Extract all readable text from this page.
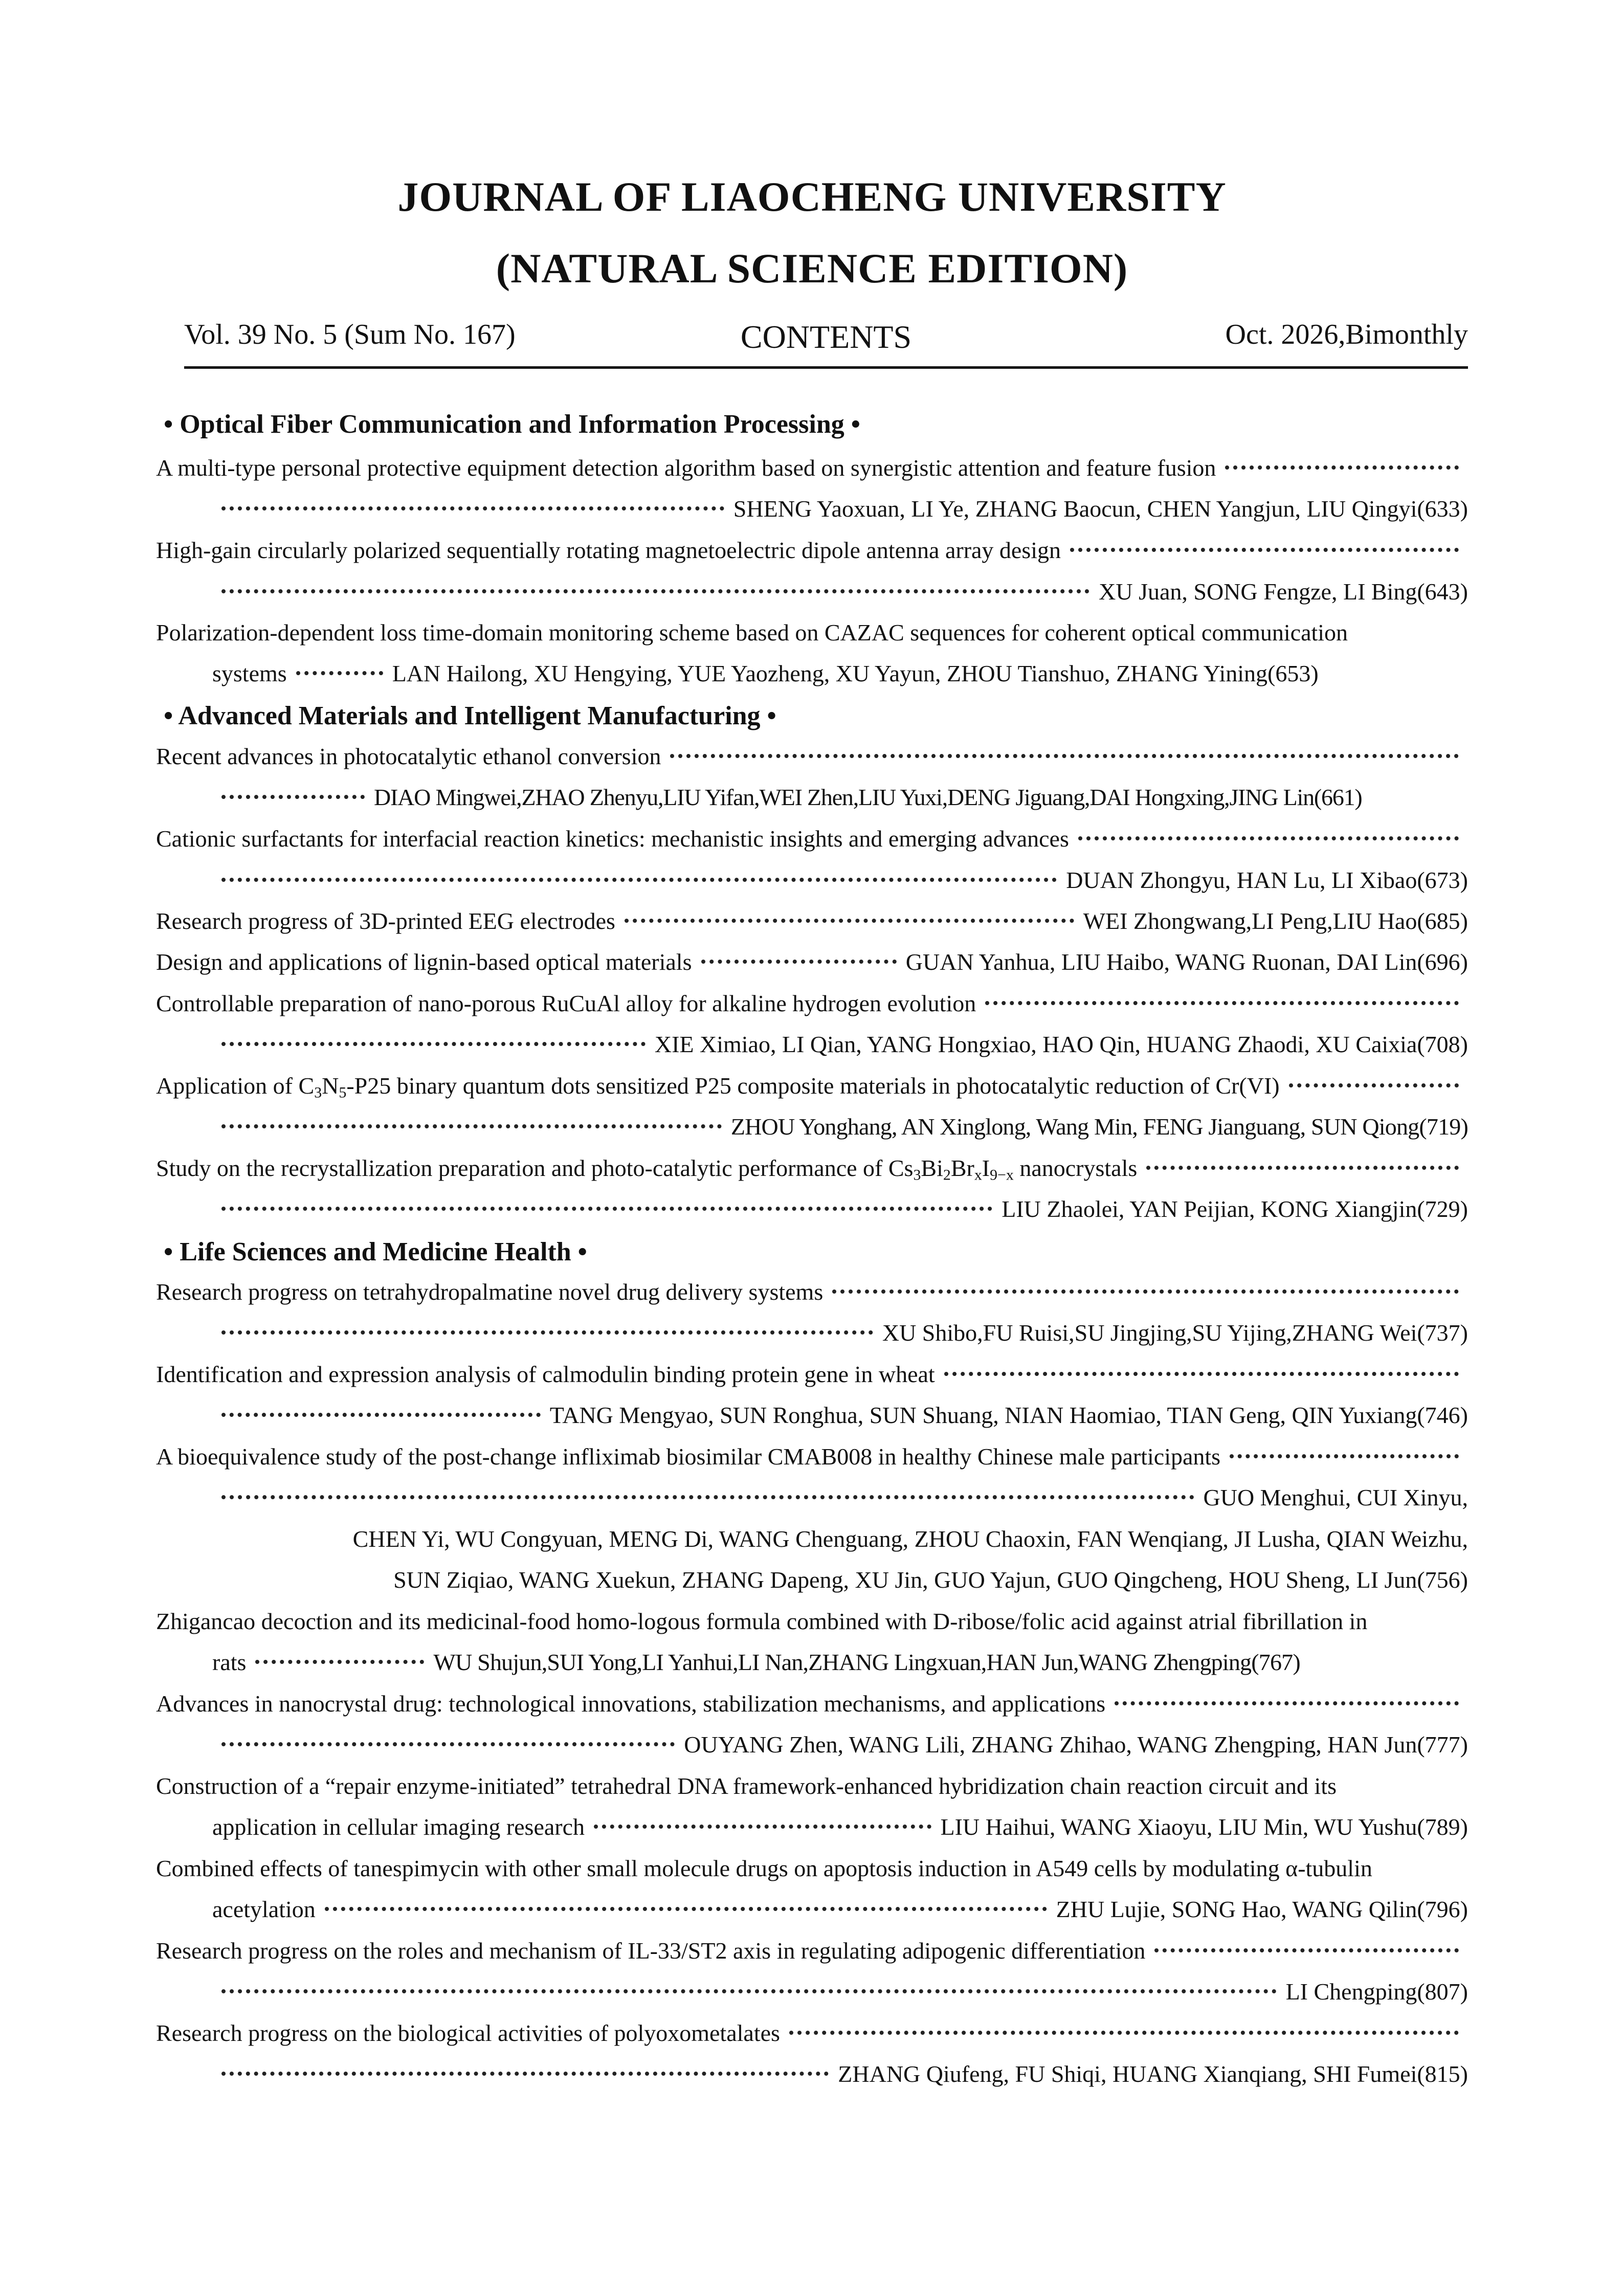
JOURNAL OF LIAOCHENG UNIVERSITY
(NATURAL SCIENCE EDITION)
Vol. 39 No. 5 (Sum No. 167)	CONTENTS	Oct. 2026,Bimonthly
• Optical Fiber Communication and Information Processing •
A multi-type personal protective equipment detection algorithm based on synergistic attention and feature fusion
SHENG Yaoxuan, LI Ye, ZHANG Baocun, CHEN Yangjun, LIU Qingyi(633)
High-gain circularly polarized sequentially rotating magnetoelectric dipole antenna array design
XU Juan, SONG Fengze, LI Bing(643)
Polarization-dependent loss time-domain monitoring scheme based on CAZAC sequences for coherent optical communication
systems	LAN Hailong, XU Hengying, YUE Yaozheng, XU Yayun, ZHOU Tianshuo, ZHANG Yining(653)
• Advanced Materials and Intelligent Manufacturing •
Recent advances in photocatalytic ethanol conversion
DIAO Mingwei,ZHAO Zhenyu,LIU Yifan,WEI Zhen,LIU Yuxi,DENG Jiguang,DAI Hongxing,JING Lin(661)
Cationic surfactants for interfacial reaction kinetics: mechanistic insights and emerging advances
DUAN Zhongyu, HAN Lu, LI Xibao(673)
Research progress of 3D-printed EEG electrodes	WEI Zhongwang,LI Peng,LIU Hao(685)
Design and applications of lignin-based optical materials	GUAN Yanhua, LIU Haibo, WANG Ruonan, DAI Lin(696)
Controllable preparation of nano-porous RuCuAl alloy for alkaline hydrogen evolution
XIE Ximiao, LI Qian, YANG Hongxiao, HAO Qin, HUANG Zhaodi, XU Caixia(708)
Application of $C_3N_5-P25$ binary quantum dots sensitized P25 composite materials in photocatalytic reduction of Cr(VI)
ZHOU Yonghang, AN Xinglong, Wang Min, FENG Jianguang, SUN Qiong(719)
Study on the recrystallization preparation and photo-catalytic performance of $Cs_3Bi_2Br_xI_{9-x}$ nanocrystals
LIU Zhaolei, YAN Peijian, KONG Xiangjin(729)
• Life Sciences and Medicine Health •
Research progress on tetrahydropalmatine novel drug delivery systems
XU Shibo,FU Ruisi,SU Jingjing,SU Yijing,ZHANG Wei(737)
Identification and expression analysis of calmodulin binding protein gene in wheat
TANG Mengyao, SUN Ronghua, SUN Shuang, NIAN Haomiao, TIAN Geng, QIN Yuxiang(746)
A bioequivalence study of the post-change infliximab biosimilar CMAB008 in healthy Chinese male participants
GUO Menghui, CUI Xinyu,
CHEN Yi, WU Congyuan, MENG Di, WANG Chenguang, ZHOU Chaoxin, FAN Wenqiang, JI Lusha, QIAN Weizhu,
SUN Ziqiao, WANG Xuekun, ZHANG Dapeng, XU Jin, GUO Yajun, GUO Qingcheng, HOU Sheng, LI Jun(756)
Zhigancao decoction and its medicinal-food homo-logous formula combined with D-ribose/folic acid against atrial fibrillation in
rats	WU Shujun,SUI Yong,LI Yanhui,LI Nan,ZHANG Lingxuan,HAN Jun,WANG Zhengping(767)
Advances in nanocrystal drug: technological innovations, stabilization mechanisms, and applications
OUYANG Zhen, WANG Lili, ZHANG Zhihao, WANG Zhengping, HAN Jun(777)
Construction of a “repair enzyme-initiated” tetrahedral DNA framework-enhanced hybridization chain reaction circuit and its
application in cellular imaging research	LIU Haihui, WANG Xiaoyu, LIU Min, WU Yushu(789)
Combined effects of tanespimycin with other small molecule drugs on apoptosis induction in A549 cells by modulating α-tubulin
acetylation	ZHU Lujie, SONG Hao, WANG Qilin(796)
Research progress on the roles and mechanism of IL-33/ST2 axis in regulating adipogenic differentiation
LI Chengping(807)
Research progress on the biological activities of polyoxometalates
ZHANG Qiufeng, FU Shiqi, HUANG Xianqiang, SHI Fumei(815)
